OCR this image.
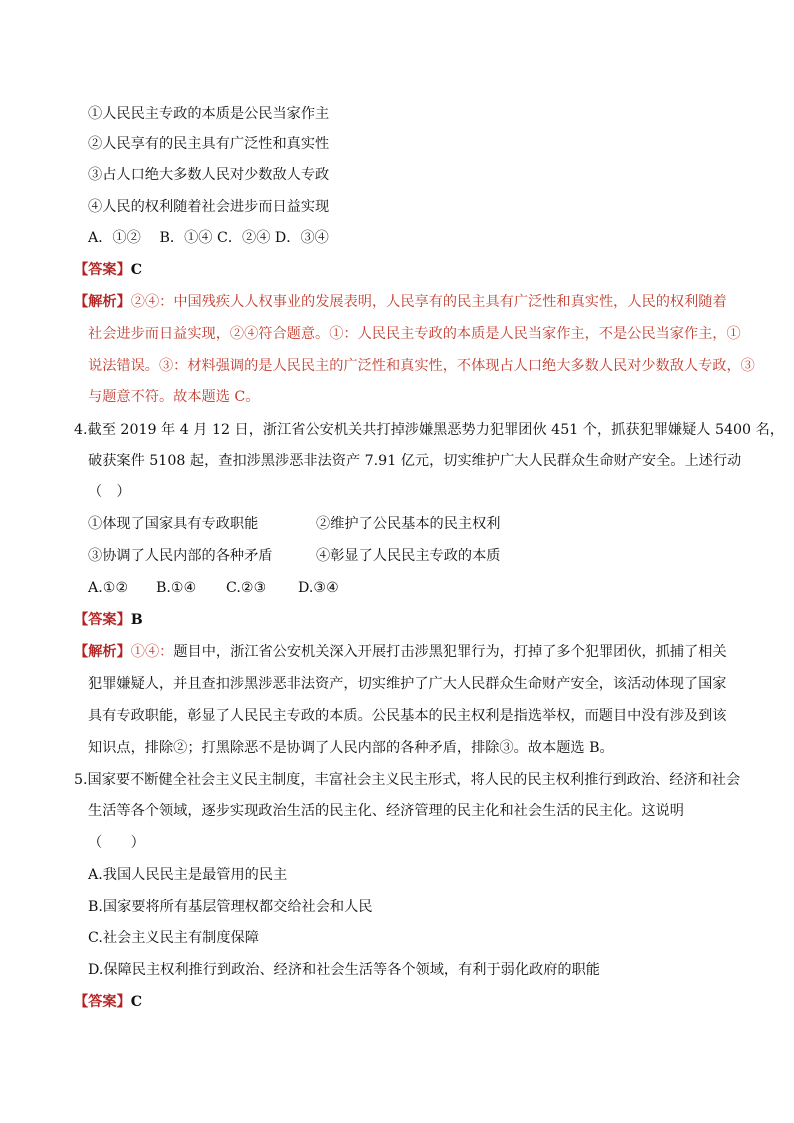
①人民民主专政的本质是公民当家作主
②人民享有的民主具有广泛性和真实性
③占人口绝大多数人民对少数敌人专政
④人民的权利随着社会进步而日益实现
A．①②　 B．①④ C．②④ D．③④
【答案】C
【解析】②④：中国残疾人人权事业的发展表明，人民享有的民主具有广泛性和真实性，人民的权利随着
社会进步而日益实现，②④符合题意。①：人民民主专政的本质是人民当家作主，不是公民当家作主，①
说法错误。③：材料强调的是人民民主的广泛性和真实性，不体现占人口绝大多数人民对少数敌人专政，③
与题意不符。故本题选 C。
4.截至 2019 年 4 月 12 日，浙江省公安机关共打掉涉嫌黑恶势力犯罪团伙 451 个，抓获犯罪嫌疑人 5400 名，
破获案件 5108 起，查扣涉黑涉恶非法资产 7.91 亿元，切实维护广大人民群众生命财产安全。上述行动
（　）
①体现了国家具有专政职能	②维护了公民基本的民主权利
③协调了人民内部的各种矛盾	④彰显了人民民主专政的本质
A.①② B.①④ C.②③ D.③④
【答案】B
【解析】①④：题目中，浙江省公安机关深入开展打击涉黑犯罪行为，打掉了多个犯罪团伙，抓捕了相关
犯罪嫌疑人，并且查扣涉黑涉恶非法资产，切实维护了广大人民群众生命财产安全，该活动体现了国家
具有专政职能，彰显了人民民主专政的本质。公民基本的民主权利是指选举权，而题目中没有涉及到该
知识点，排除②；打黑除恶不是协调了人民内部的各种矛盾，排除③。故本题选 B。
5.国家要不断健全社会主义民主制度，丰富社会主义民主形式，将人民的民主权利推行到政治、经济和社会
生活等各个领域，逐步实现政治生活的民主化、经济管理的民主化和社会生活的民主化。这说明
（　　）
A.我国人民民主是最管用的民主
B.国家要将所有基层管理权都交给社会和人民
C.社会主义民主有制度保障
D.保障民主权利推行到政治、经济和社会生活等各个领域，有利于弱化政府的职能
【答案】C
